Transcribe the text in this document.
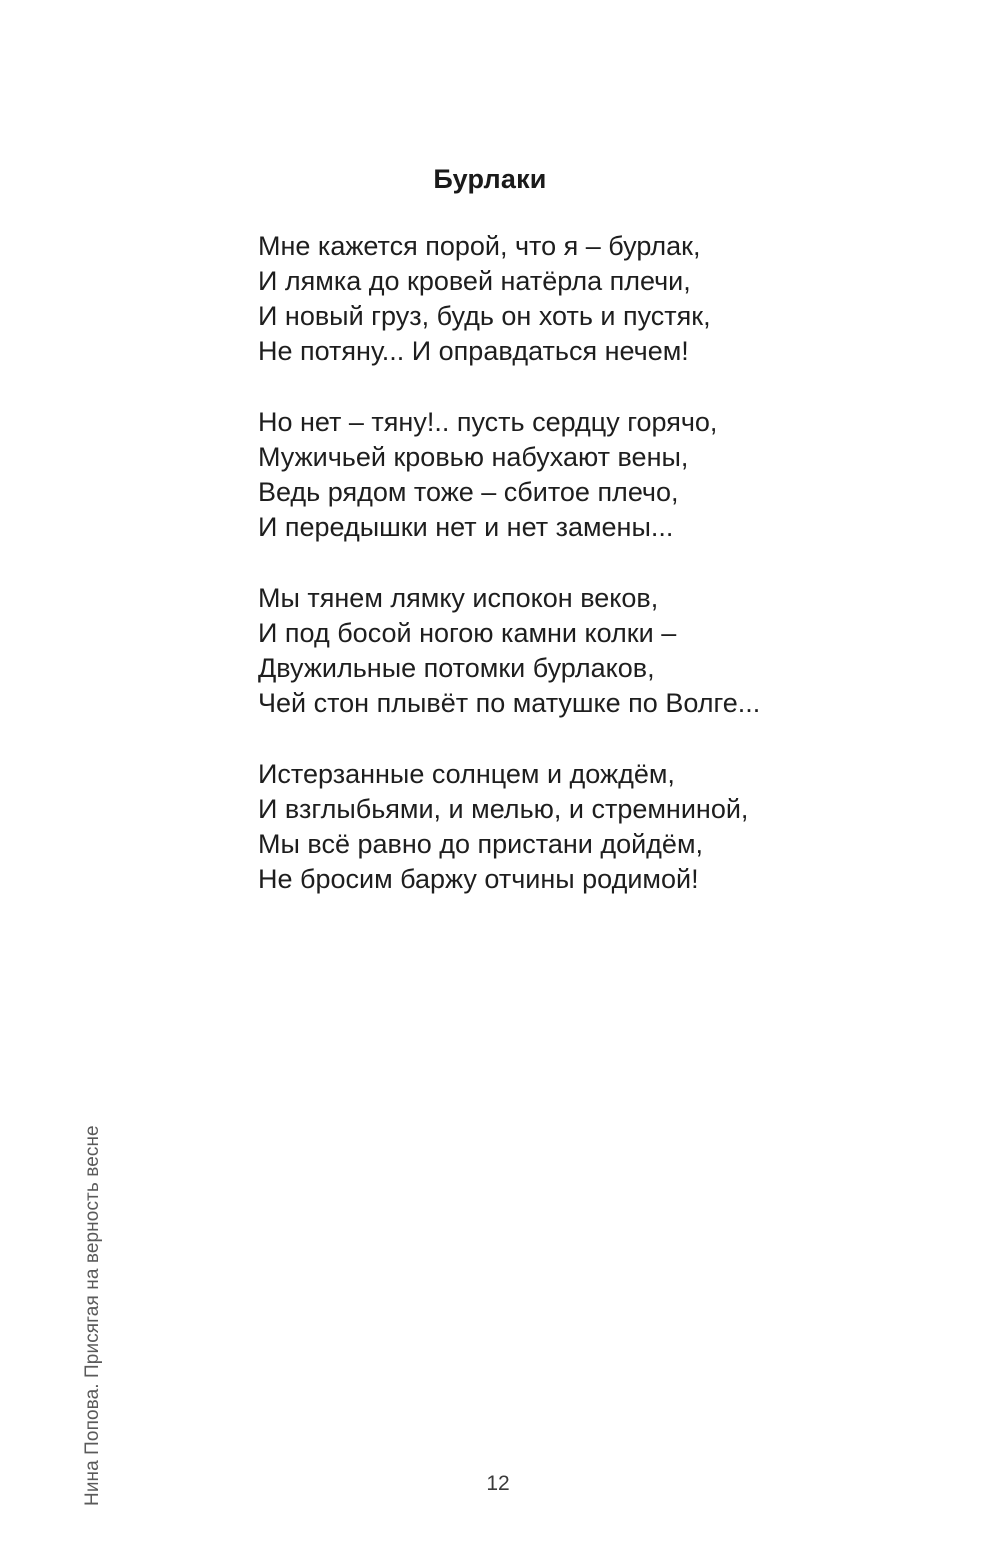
Бурлаки
Мне кажется порой, что я – бурлак,
И лямка до кровей натёрла плечи,
И новый груз, будь он хоть и пустяк,
Не потяну... И оправдаться нечем!
Но нет – тяну!.. пусть сердцу горячо,
Мужичьей кровью набухают вены,
Ведь рядом тоже – сбитое плечо,
И передышки нет и нет замены...
Мы тянем лямку испокон веков,
И под босой ногою камни колки –
Двужильные потомки бурлаков,
Чей стон плывёт по матушке по Волге...
Истерзанные солнцем и дождём,
И взглыбьями, и мелью, и стремниной,
Мы всё равно до пристани дойдём,
Не бросим баржу отчины родимой!
Нина Попова. Присягая на верность весне	12
